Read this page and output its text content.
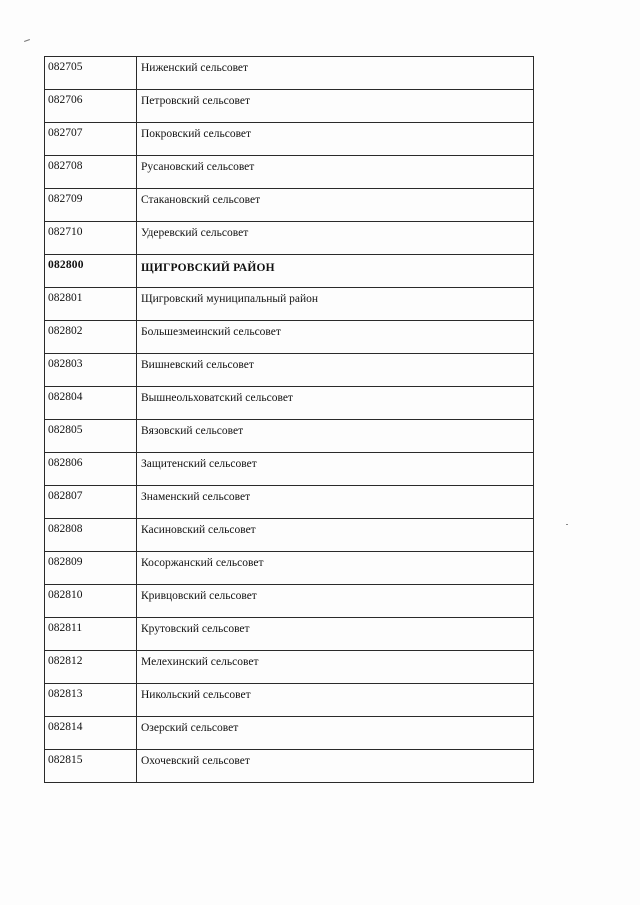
082705	Ниженский сельсовет
082706	Петровский сельсовет
082707	Покровский сельсовет
082708	Русановский сельсовет
082709	Стакановский сельсовет
082710	Удеревский сельсовет
082800	ЩИГРОВСКИЙ РАЙОН
082801	Щигровский муниципальный район
082802	Большезмеинский сельсовет
082803	Вишневский сельсовет
082804	Вышнеольховатский сельсовет
082805	Вязовский сельсовет
082806	Защитенский сельсовет
082807	Знаменский сельсовет
082808	Касиновский сельсовет
082809	Косоржанский сельсовет
082810	Кривцовский сельсовет
082811	Крутовский сельсовет
082812	Мелехинский сельсовет
082813	Никольский сельсовет
082814	Озерский сельсовет
082815	Охочевский сельсовет
